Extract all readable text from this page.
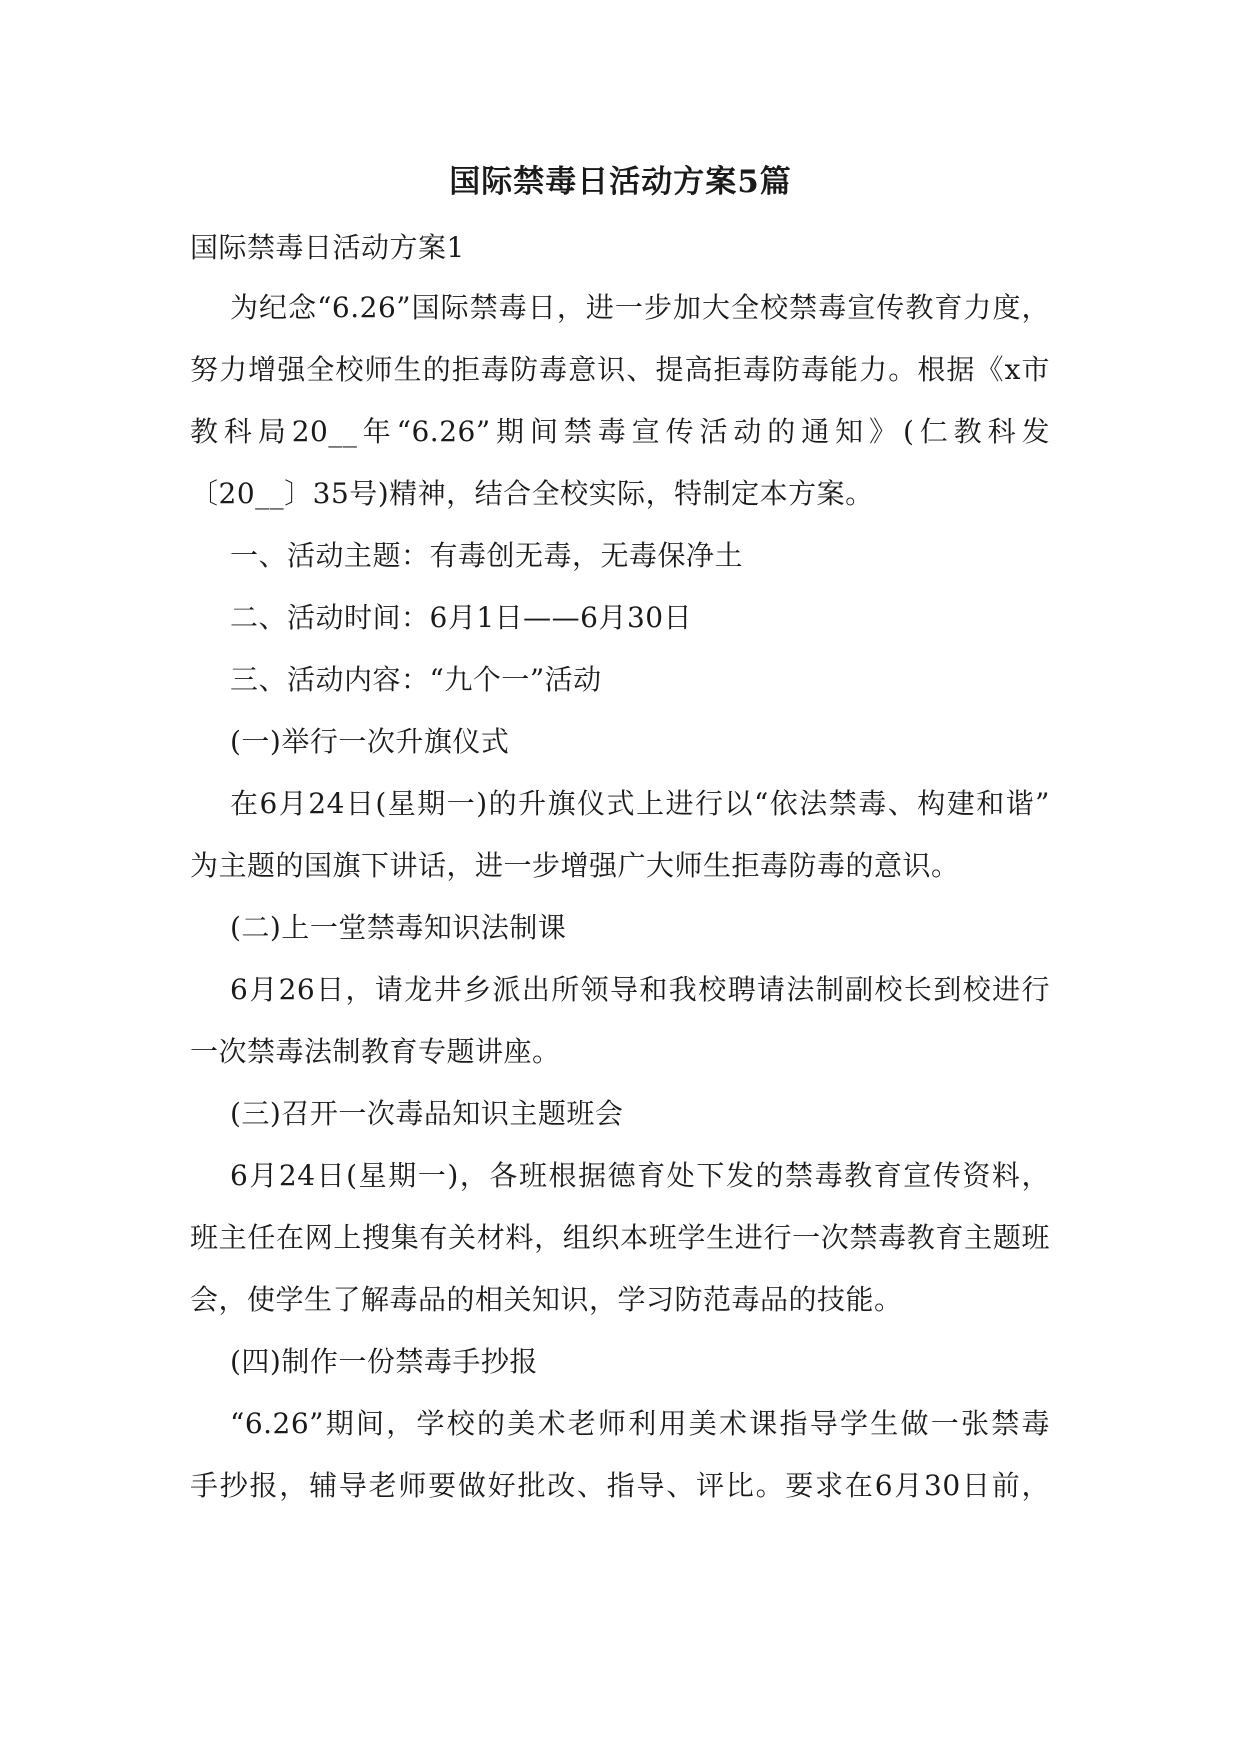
国际禁毒日活动方案5篇
国际禁毒日活动方案1
为纪念“6.26”国际禁毒日，进一步加大全校禁毒宣传教育力度，
努力增强全校师生的拒毒防毒意识、提高拒毒防毒能力。根据《x市
教科局20__年“6.26”期间禁毒宣传活动的通知》(仁教科发
〔20__〕35号)精神，结合全校实际，特制定本方案。
一、活动主题：有毒创无毒，无毒保净土
二、活动时间：6月1日——6月30日
三、活动内容：“九个一”活动
(一)举行一次升旗仪式
在6月24日(星期一)的升旗仪式上进行以“依法禁毒、构建和谐”
为主题的国旗下讲话，进一步增强广大师生拒毒防毒的意识。
(二)上一堂禁毒知识法制课
6月26日，请龙井乡派出所领导和我校聘请法制副校长到校进行
一次禁毒法制教育专题讲座。
(三)召开一次毒品知识主题班会
6月24日(星期一)，各班根据德育处下发的禁毒教育宣传资料，
班主任在网上搜集有关材料，组织本班学生进行一次禁毒教育主题班
会，使学生了解毒品的相关知识，学习防范毒品的技能。
(四)制作一份禁毒手抄报
“6.26”期间，学校的美术老师利用美术课指导学生做一张禁毒
手抄报，辅导老师要做好批改、指导、评比。要求在6月30日前，
